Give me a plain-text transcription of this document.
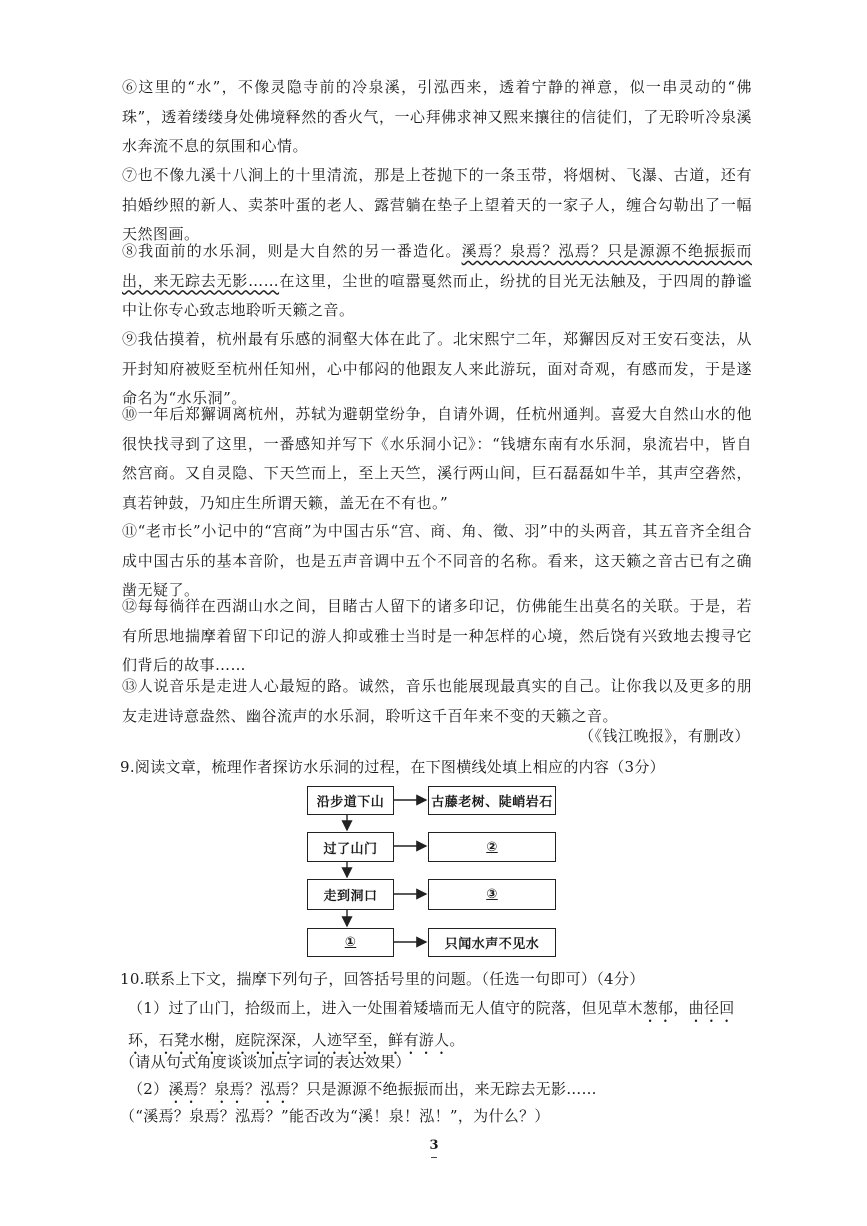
⑥这里的“水”，不像灵隐寺前的冷泉溪，引泓西来，透着宁静的禅意，似一串灵动的“佛珠”，透着缕缕身处佛境释然的香火气，一心拜佛求神又熙来攘往的信徒们，了无聆听冷泉溪水奔流不息的氛围和心情。
⑦也不像九溪十八涧上的十里清流，那是上苍抛下的一条玉带，将烟树、飞瀑、古道，还有拍婚纱照的新人、卖茶叶蛋的老人、露营躺在垫子上望着天的一家子人，缠合勾勒出了一幅天然图画。
⑧我面前的水乐洞，则是大自然的另一番造化。溪焉？泉焉？泓焉？只是源源不绝振振而出，来无踪去无影……在这里，尘世的喧嚣戛然而止，纷扰的目光无法触及，于四周的静谧中让你专心致志地聆听天籁之音。
⑨我估摸着，杭州最有乐感的洞壑大体在此了。北宋熙宁二年，郑獬因反对王安石变法，从开封知府被贬至杭州任知州，心中郁闷的他跟友人来此游玩，面对奇观，有感而发，于是遂命名为“水乐洞”。
⑩一年后郑獬调离杭州，苏轼为避朝堂纷争，自请外调，任杭州通判。喜爱大自然山水的他很快找寻到了这里，一番感知并写下《水乐洞小记》：“钱塘东南有水乐洞，泉流岩中，皆自然宫商。又自灵隐、下天竺而上，至上天竺，溪行两山间，巨石磊磊如牛羊，其声空砻然，真若钟鼓，乃知庄生所谓天籁，盖无在不有也。”
⑪“老市长”小记中的“宫商”为中国古乐“宫、商、角、徵、羽”中的头两音，其五音齐全组合成中国古乐的基本音阶，也是五声音调中五个不同音的名称。看来，这天籁之音古已有之确凿无疑了。
⑫每每徜徉在西湖山水之间，目睹古人留下的诸多印记，仿佛能生出莫名的关联。于是，若有所思地揣摩着留下印记的游人抑或雅士当时是一种怎样的心境，然后饶有兴致地去搜寻它们背后的故事……
⑬人说音乐是走进人心最短的路。诚然，音乐也能展现最真实的自己。让你我以及更多的朋友走进诗意盎然、幽谷流声的水乐洞，聆听这千百年来不变的天籁之音。
（《钱江晚报》，有删改）
9.阅读文章，梳理作者探访水乐洞的过程，在下图横线处填上相应的内容（3分）
沿步道下山
过了山门
走到洞口
①
古藤老树、陡峭岩石
②
③
只闻水声不见水
10.联系上下文，揣摩下列句子，回答括号里的问题。（任选一句即可）（4分）
（1）过了山门，拾级而上，进入一处围着矮墙而无人值守的院落，但见草木葱郁，曲径回环，石凳水榭，庭院深深，人迹罕至，鲜有游人。
（请从句式角度谈谈加点字词的表达效果）
（2）溪焉？泉焉？泓焉？只是源源不绝振振而出，来无踪去无影……
（“溪焉？泉焉？泓焉？”能否改为“溪！泉！泓！”，为什么？）
3
